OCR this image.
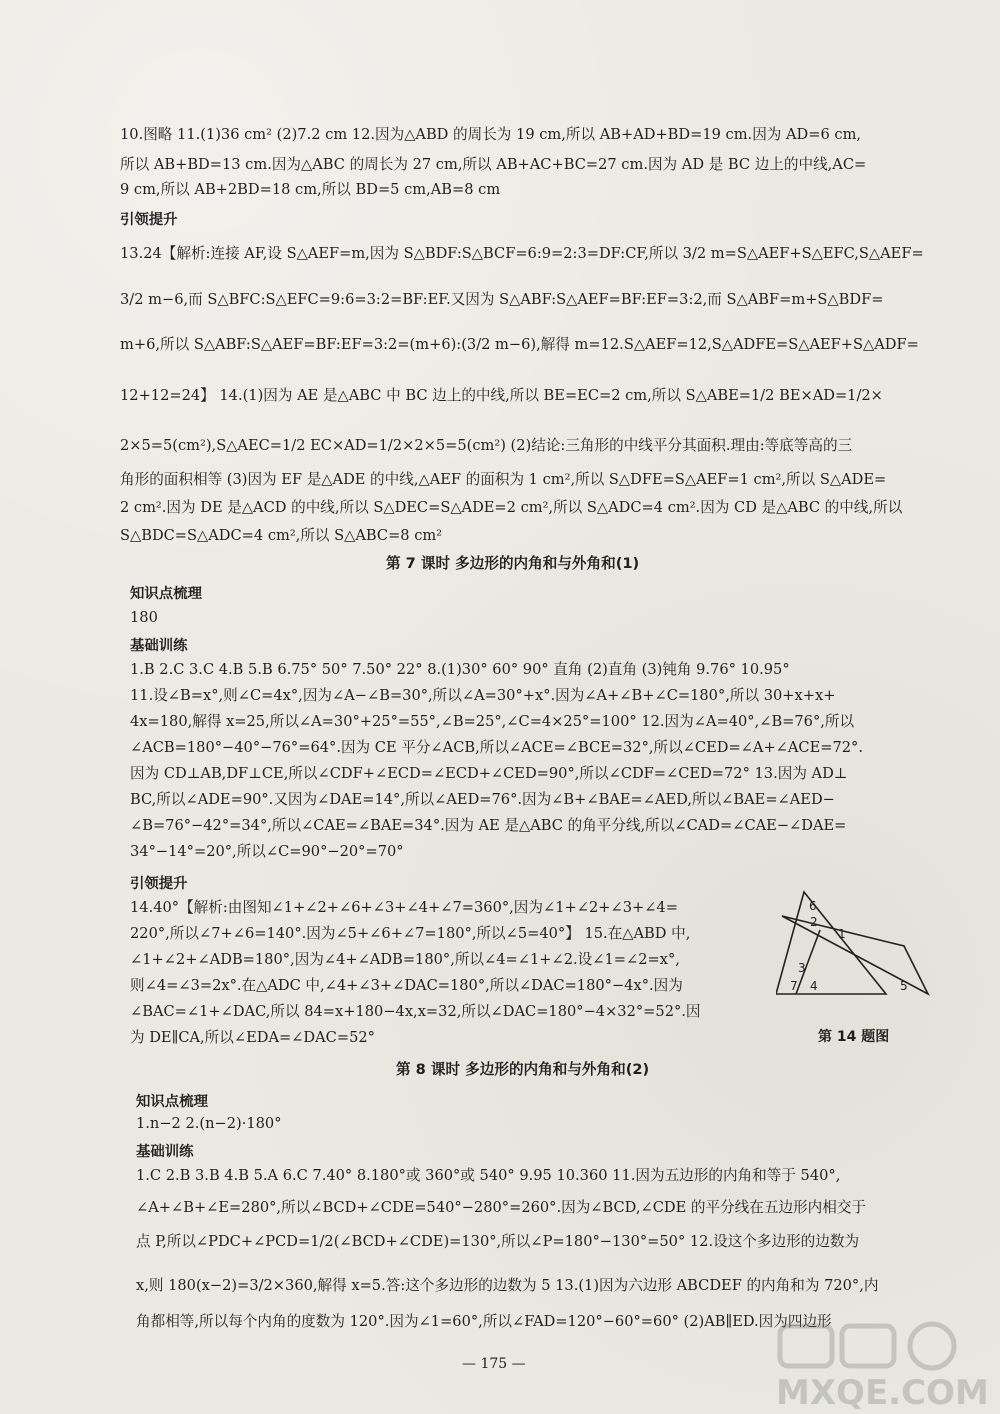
10.图略 11.(1)36 cm² (2)7.2 cm 12.因为△ABD 的周长为 19 cm,所以 AB+AD+BD=19 cm.因为 AD=6 cm,
所以 AB+BD=13 cm.因为△ABC 的周长为 27 cm,所以 AB+AC+BC=27 cm.因为 AD 是 BC 边上的中线,AC=
9 cm,所以 AB+2BD=18 cm,所以 BD=5 cm,AB=8 cm
引领提升
13.24【解析:连接 AF,设 S△AEF=m,因为 S△BDF:S△BCF=6:9=2:3=DF:CF,所以 3/2 m=S△AEF+S△EFC,S△AEF=
3/2 m−6,而 S△BFC:S△EFC=9:6=3:2=BF:EF.又因为 S△ABF:S△AEF=BF:EF=3:2,而 S△ABF=m+S△BDF=
m+6,所以 S△ABF:S△AEF=BF:EF=3:2=(m+6):(3/2 m−6),解得 m=12.S△AEF=12,S△ADFE=S△AEF+S△ADF=
12+12=24】 14.(1)因为 AE 是△ABC 中 BC 边上的中线,所以 BE=EC=2 cm,所以 S△ABE=1/2 BE×AD=1/2×
2×5=5(cm²),S△AEC=1/2 EC×AD=1/2×2×5=5(cm²) (2)结论:三角形的中线平分其面积.理由:等底等高的三
角形的面积相等 (3)因为 EF 是△ADE 的中线,△AEF 的面积为 1 cm²,所以 S△DFE=S△AEF=1 cm²,所以 S△ADE=
2 cm².因为 DE 是△ACD 的中线,所以 S△DEC=S△ADE=2 cm²,所以 S△ADC=4 cm².因为 CD 是△ABC 的中线,所以
S△BDC=S△ADC=4 cm²,所以 S△ABC=8 cm²
第 7 课时 多边形的内角和与外角和(1)
知识点梳理
180
基础训练
1.B 2.C 3.C 4.B 5.B 6.75° 50° 7.50° 22° 8.(1)30° 60° 90° 直角 (2)直角 (3)钝角 9.76° 10.95°
11.设∠B=x°,则∠C=4x°,因为∠A−∠B=30°,所以∠A=30°+x°.因为∠A+∠B+∠C=180°,所以 30+x+x+
4x=180,解得 x=25,所以∠A=30°+25°=55°,∠B=25°,∠C=4×25°=100° 12.因为∠A=40°,∠B=76°,所以
∠ACB=180°−40°−76°=64°.因为 CE 平分∠ACB,所以∠ACE=∠BCE=32°,所以∠CED=∠A+∠ACE=72°.
因为 CD⊥AB,DF⊥CE,所以∠CDF+∠ECD=∠ECD+∠CED=90°,所以∠CDF=∠CED=72° 13.因为 AD⊥
BC,所以∠ADE=90°.又因为∠DAE=14°,所以∠AED=76°.因为∠B+∠BAE=∠AED,所以∠BAE=∠AED−
∠B=76°−42°=34°,所以∠CAE=∠BAE=34°.因为 AE 是△ABC 的角平分线,所以∠CAD=∠CAE−∠DAE=
34°−14°=20°,所以∠C=90°−20°=70°
引领提升
14.40°【解析:由图知∠1+∠2+∠6+∠3+∠4+∠7=360°,因为∠1+∠2+∠3+∠4=
220°,所以∠7+∠6=140°.因为∠5+∠6+∠7=180°,所以∠5=40°】 15.在△ABD 中,
∠1+∠2+∠ADB=180°,因为∠4+∠ADB=180°,所以∠4=∠1+∠2.设∠1=∠2=x°,
则∠4=∠3=2x°.在△ADC 中,∠4+∠3+∠DAC=180°,所以∠DAC=180°−4x°.因为
∠BAC=∠1+∠DAC,所以 84=x+180−4x,x=32,所以∠DAC=180°−4×32°=52°.因
为 DE∥CA,所以∠EDA=∠DAC=52°
6
2
1
3
7 4	5
第 14 题图
第 8 课时 多边形的内角和与外角和(2)
知识点梳理
1.n−2 2.(n−2)·180°
基础训练
1.C 2.B 3.B 4.B 5.A 6.C 7.40° 8.180°或 360°或 540° 9.95 10.360 11.因为五边形的内角和等于 540°,
∠A+∠B+∠E=280°,所以∠BCD+∠CDE=540°−280°=260°.因为∠BCD,∠CDE 的平分线在五边形内相交于
点 P,所以∠PDC+∠PCD=1/2(∠BCD+∠CDE)=130°,所以∠P=180°−130°=50° 12.设这个多边形的边数为
x,则 180(x−2)=3/2×360,解得 x=5.答:这个多边形的边数为 5 13.(1)因为六边形 ABCDEF 的内角和为 720°,内
角都相等,所以每个内角的度数为 120°.因为∠1=60°,所以∠FAD=120°−60°=60° (2)AB∥ED.因为四边形
— 175 —
MXQE.COM
